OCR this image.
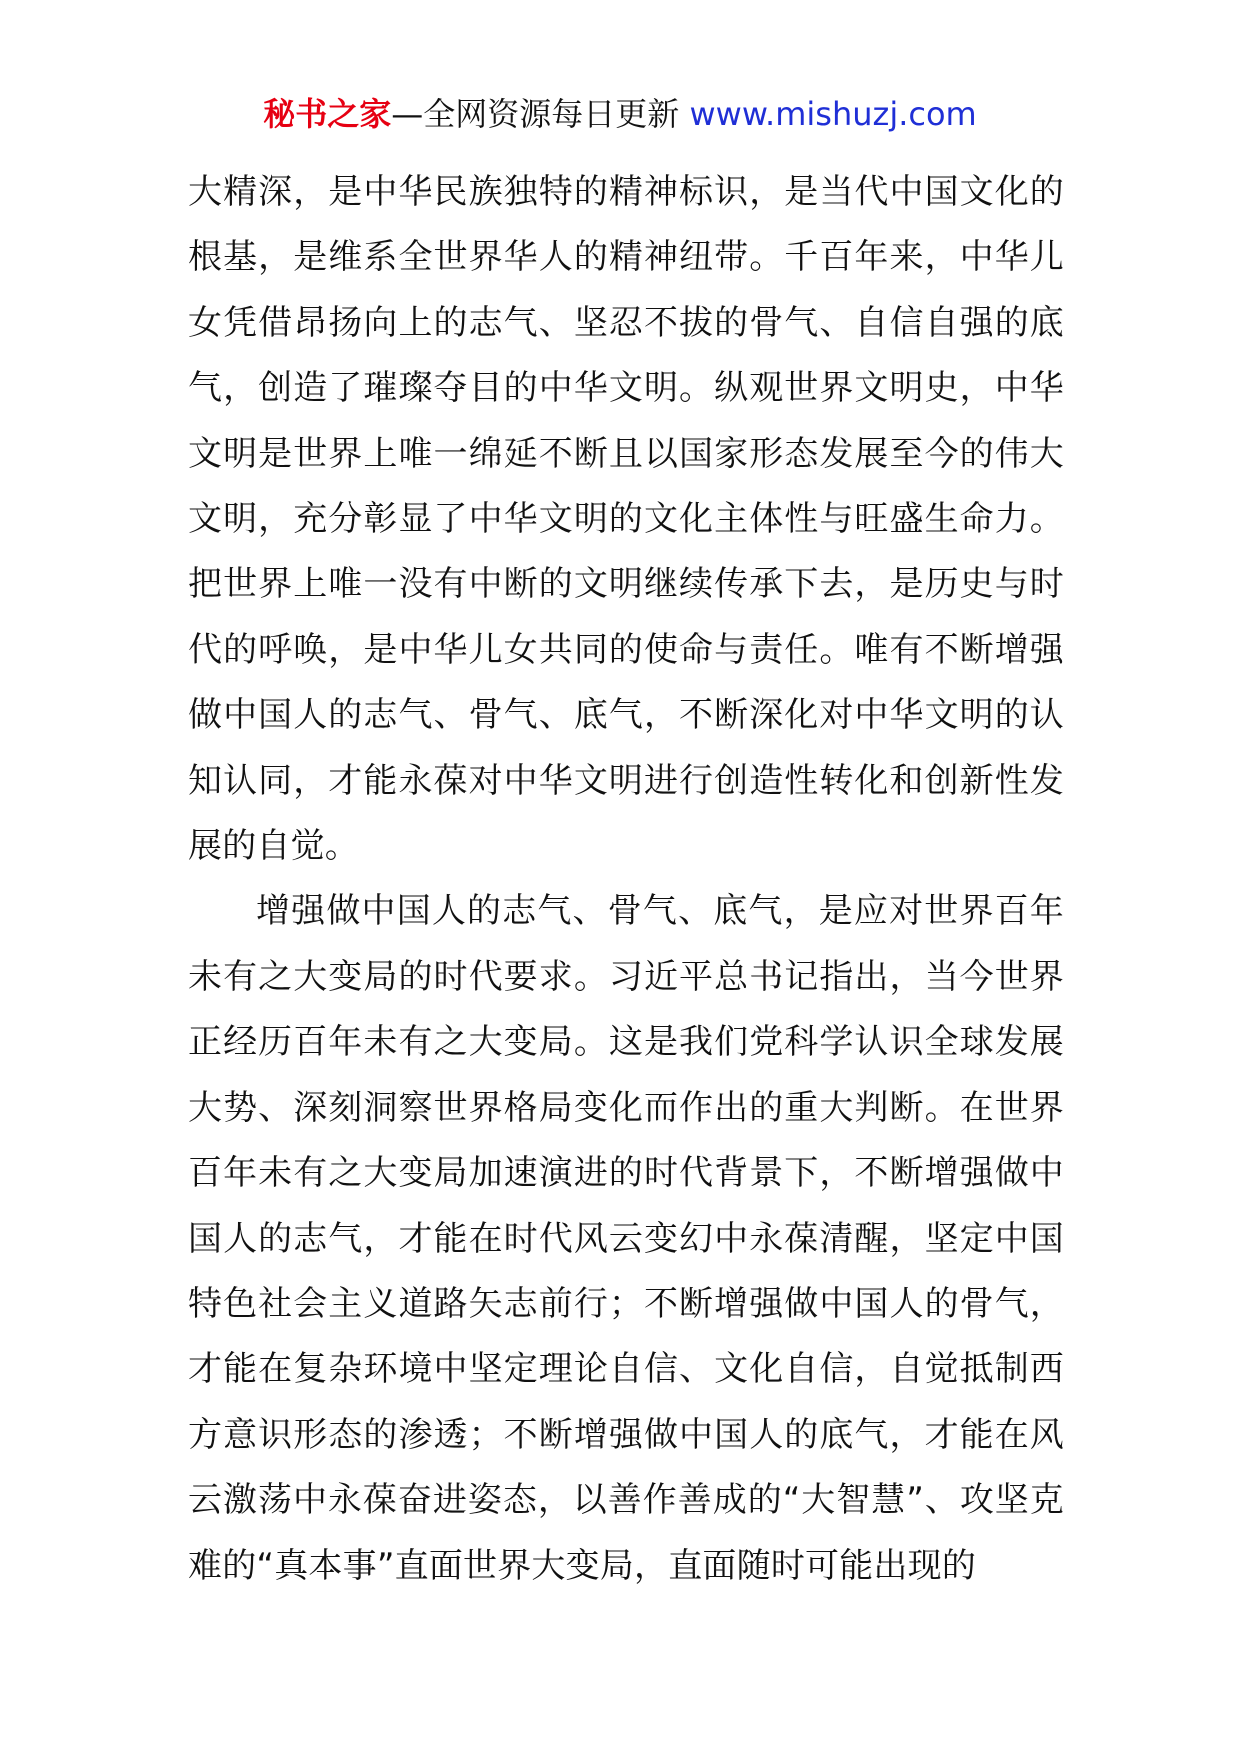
秘书之家—全网资源每日更新 www.mishuzj.com

大精深，是中华民族独特的精神标识，是当代中国文化的根基，是维系全世界华人的精神纽带。千百年来，中华儿女凭借昂扬向上的志气、坚忍不拔的骨气、自信自强的底气，创造了璀璨夺目的中华文明。纵观世界文明史，中华文明是世界上唯一绵延不断且以国家形态发展至今的伟大文明，充分彰显了中华文明的文化主体性与旺盛生命力。把世界上唯一没有中断的文明继续传承下去，是历史与时代的呼唤，是中华儿女共同的使命与责任。唯有不断增强做中国人的志气、骨气、底气，不断深化对中华文明的认知认同，才能永葆对中华文明进行创造性转化和创新性发展的自觉。

增强做中国人的志气、骨气、底气，是应对世界百年未有之大变局的时代要求。习近平总书记指出，当今世界正经历百年未有之大变局。这是我们党科学认识全球发展大势、深刻洞察世界格局变化而作出的重大判断。在世界百年未有之大变局加速演进的时代背景下，不断增强做中国人的志气，才能在时代风云变幻中永葆清醒，坚定中国特色社会主义道路矢志前行；不断增强做中国人的骨气，才能在复杂环境中坚定理论自信、文化自信，自觉抵制西方意识形态的渗透；不断增强做中国人的底气，才能在风云激荡中永葆奋进姿态，以善作善成的“大智慧”、攻坚克难的“真本事”直面世界大变局，直面随时可能出现的
